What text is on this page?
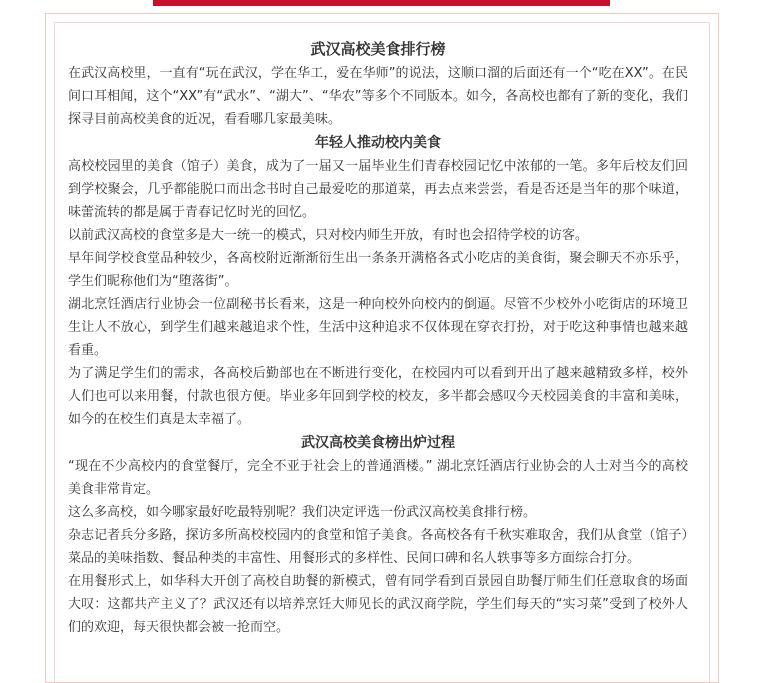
武汉高校美食排行榜

在武汉高校里，一直有“玩在武汉，学在华工，爱在华师”的说法，这顺口溜的后面还有一个“吃在XX”。在民间口耳相闻，这个“XX”有“武水”、“湖大”、“华农”等多个不同版本。如今，各高校也都有了新的变化，我们探寻目前高校美食的近况，看看哪几家最美味。

年轻人推动校内美食

高校校园里的美食（馆子）美食，成为了一届又一届毕业生们青春校园记忆中浓郁的一笔。多年后校友们回到学校聚会，几乎都能脱口而出念书时自己最爱吃的那道菜，再去点来尝尝，看是否还是当年的那个味道，味蕾流转的都是属于青春记忆时光的回忆。

以前武汉高校的食堂多是大一统一的模式，只对校内师生开放，有时也会招待学校的访客。

早年间学校食堂品种较少，各高校附近渐渐衍生出一条条开满格各式小吃店的美食街，聚会聊天不亦乐乎，学生们昵称他们为“堕落街”。

湖北烹饪酒店行业协会一位副秘书长看来，这是一种向校外向校内的倒逼。尽管不少校外小吃街店的环境卫生让人不放心，到学生们越来越追求个性，生活中这种追求不仅体现在穿衣打扮，对于吃这种事情也越来越看重。

为了满足学生们的需求，各高校后勤部也在不断进行变化，在校园内可以看到开出了越来越精致多样，校外人们也可以来用餐，付款也很方便。毕业多年回到学校的校友，多半都会感叹今天校园美食的丰富和美味，如今的在校生们真是太幸福了。

武汉高校美食榜出炉过程

“现在不少高校内的食堂餐厅，完全不亚于社会上的普通酒楼。” 湖北烹饪酒店行业协会的人士对当今的高校美食非常肯定。

这么多高校，如今哪家最好吃最特别呢？我们决定评选一份武汉高校美食排行榜。

杂志记者兵分多路，探访多所高校校园内的食堂和馆子美食。各高校各有千秋实难取舍，我们从食堂（馆子）菜品的美味指数、餐品种类的丰富性、用餐形式的多样性、民间口碑和名人轶事等多方面综合打分。

在用餐形式上，如华科大开创了高校自助餐的新模式，曾有同学看到百景园自助餐厅师生们任意取食的场面大叹：这都共产主义了？武汉还有以培养烹饪大师见长的武汉商学院，学生们每天的“实习菜”受到了校外人们的欢迎，每天很快都会被一抢而空。
